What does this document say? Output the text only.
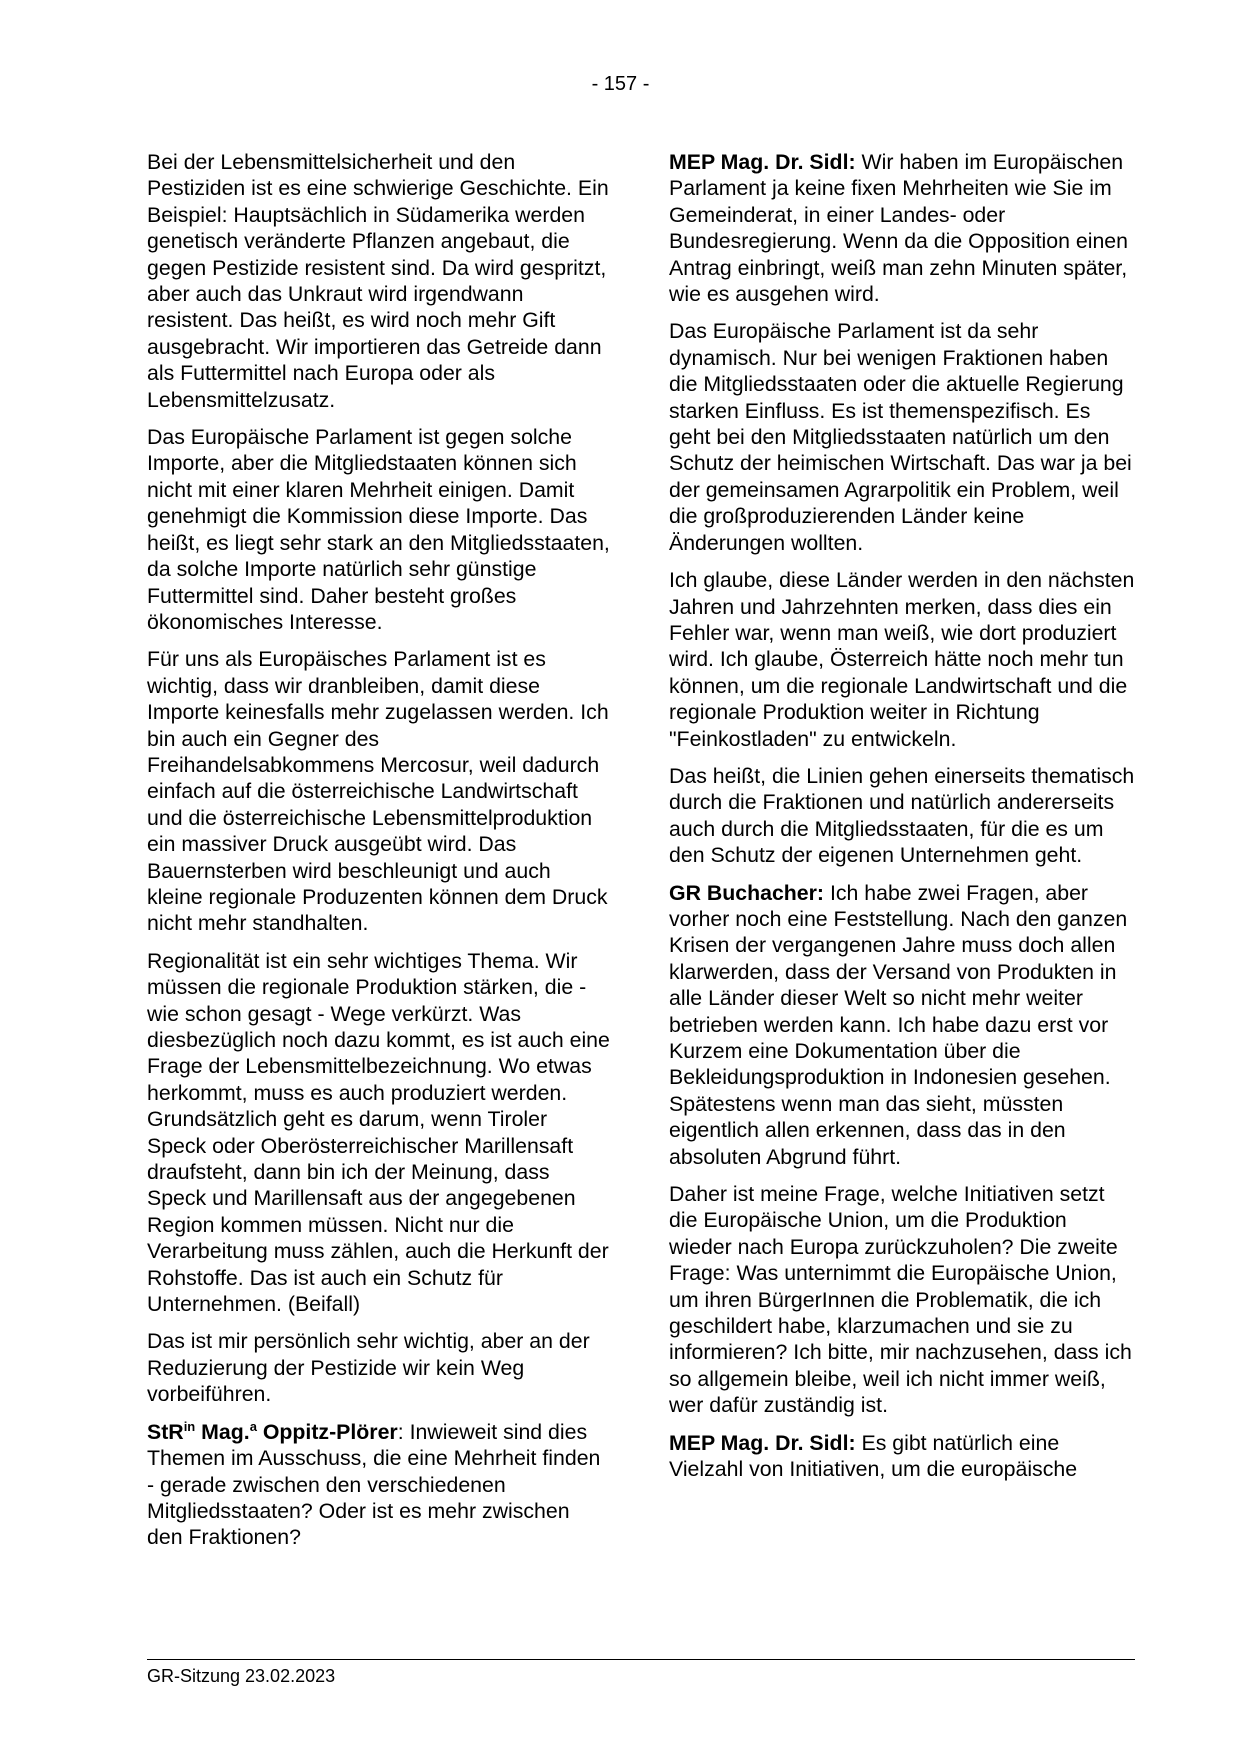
- 157 -

Bei der Lebensmittelsicherheit und den Pestiziden ist es eine schwierige Geschichte. Ein Beispiel: Hauptsächlich in Südamerika werden genetisch veränderte Pflanzen angebaut, die gegen Pestizide resistent sind. Da wird gespritzt, aber auch das Unkraut wird irgendwann resistent. Das heißt, es wird noch mehr Gift ausgebracht. Wir importieren das Getreide dann als Futtermittel nach Europa oder als Lebensmittelzusatz.

Das Europäische Parlament ist gegen solche Importe, aber die Mitgliedstaaten können sich nicht mit einer klaren Mehrheit einigen. Damit genehmigt die Kommission diese Importe. Das heißt, es liegt sehr stark an den Mitgliedsstaaten, da solche Importe natürlich sehr günstige Futtermittel sind. Daher besteht großes ökonomisches Interesse.

Für uns als Europäisches Parlament ist es wichtig, dass wir dranbleiben, damit diese Importe keinesfalls mehr zugelassen werden. Ich bin auch ein Gegner des Freihandelsabkommens Mercosur, weil dadurch einfach auf die österreichische Landwirtschaft und die österreichische Lebensmittelproduktion ein massiver Druck ausgeübt wird. Das Bauernsterben wird beschleunigt und auch kleine regionale Produzenten können dem Druck nicht mehr standhalten.

Regionalität ist ein sehr wichtiges Thema. Wir müssen die regionale Produktion stärken, die - wie schon gesagt - Wege verkürzt. Was diesbezüglich noch dazu kommt, es ist auch eine Frage der Lebensmittelbezeichnung. Wo etwas herkommt, muss es auch produziert werden. Grundsätzlich geht es darum, wenn Tiroler Speck oder Oberösterreichischer Marillensaft draufsteht, dann bin ich der Meinung, dass Speck und Marillensaft aus der angegebenen Region kommen müssen. Nicht nur die Verarbeitung muss zählen, auch die Herkunft der Rohstoffe. Das ist auch ein Schutz für Unternehmen. (Beifall)

Das ist mir persönlich sehr wichtig, aber an der Reduzierung der Pestizide wir kein Weg vorbeiführen.

StR$^{in}$ Mag.$^a$ Oppitz-Plörer: Inwieweit sind dies Themen im Ausschuss, die eine Mehrheit finden - gerade zwischen den verschiedenen Mitgliedsstaaten? Oder ist es mehr zwischen den Fraktionen?

MEP Mag. Dr. Sidl: Wir haben im Europäischen Parlament ja keine fixen Mehrheiten wie Sie im Gemeinderat, in einer Landes- oder Bundesregierung. Wenn da die Opposition einen Antrag einbringt, weiß man zehn Minuten später, wie es ausgehen wird.

Das Europäische Parlament ist da sehr dynamisch. Nur bei wenigen Fraktionen haben die Mitgliedsstaaten oder die aktuelle Regierung starken Einfluss. Es ist themenspezifisch. Es geht bei den Mitgliedsstaaten natürlich um den Schutz der heimischen Wirtschaft. Das war ja bei der gemeinsamen Agrarpolitik ein Problem, weil die großproduzierenden Länder keine Änderungen wollten.

Ich glaube, diese Länder werden in den nächsten Jahren und Jahrzehnten merken, dass dies ein Fehler war, wenn man weiß, wie dort produziert wird. Ich glaube, Österreich hätte noch mehr tun können, um die regionale Landwirtschaft und die regionale Produktion weiter in Richtung "Feinkostladen" zu entwickeln.

Das heißt, die Linien gehen einerseits thematisch durch die Fraktionen und natürlich andererseits auch durch die Mitgliedsstaaten, für die es um den Schutz der eigenen Unternehmen geht.

GR Buchacher: Ich habe zwei Fragen, aber vorher noch eine Feststellung. Nach den ganzen Krisen der vergangenen Jahre muss doch allen klarwerden, dass der Versand von Produkten in alle Länder dieser Welt so nicht mehr weiter betrieben werden kann. Ich habe dazu erst vor Kurzem eine Dokumentation über die Bekleidungsproduktion in Indonesien gesehen. Spätestens wenn man das sieht, müssten eigentlich allen erkennen, dass das in den absoluten Abgrund führt.

Daher ist meine Frage, welche Initiativen setzt die Europäische Union, um die Produktion wieder nach Europa zurückzuholen? Die zweite Frage: Was unternimmt die Europäische Union, um ihren BürgerInnen die Problematik, die ich geschildert habe, klarzumachen und sie zu informieren? Ich bitte, mir nachzusehen, dass ich so allgemein bleibe, weil ich nicht immer weiß, wer dafür zuständig ist.

MEP Mag. Dr. Sidl: Es gibt natürlich eine Vielzahl von Initiativen, um die europäische

GR-Sitzung 23.02.2023
